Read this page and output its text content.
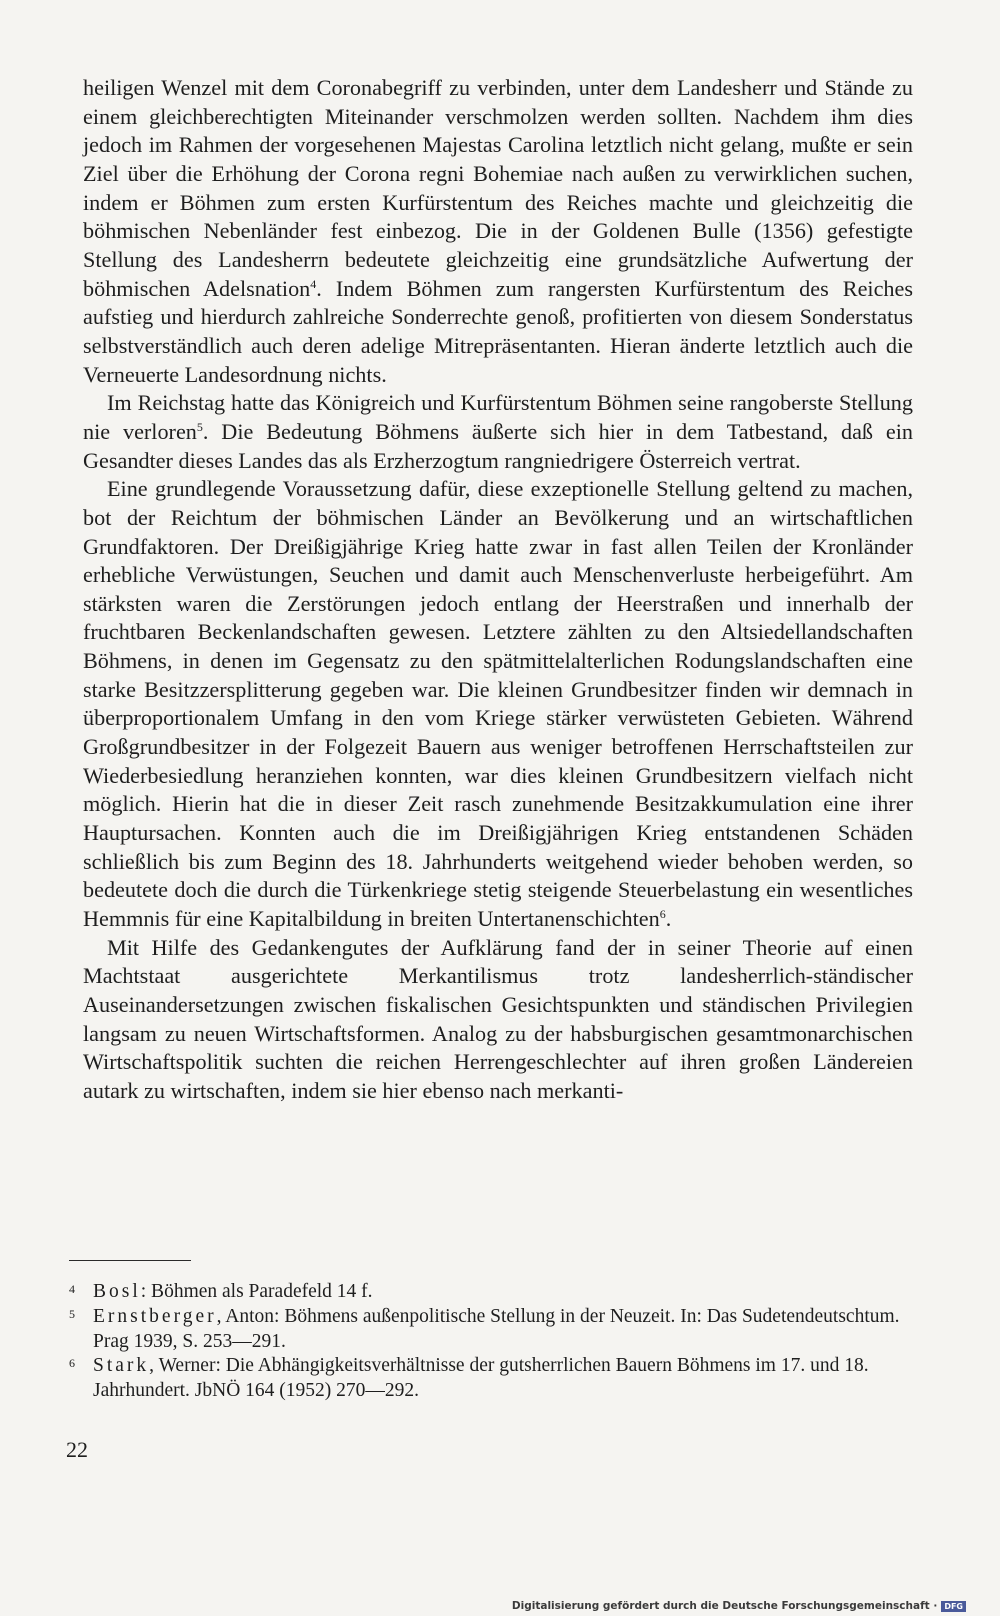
heiligen Wenzel mit dem Coronabegriff zu verbinden, unter dem Landesherr und Stände zu einem gleichberechtigten Miteinander verschmolzen werden sollten. Nachdem ihm dies jedoch im Rahmen der vorgesehenen Majestas Carolina letztlich nicht gelang, mußte er sein Ziel über die Erhöhung der Corona regni Bohemiae nach außen zu verwirklichen suchen, indem er Böhmen zum ersten Kurfürstentum des Reiches machte und gleichzeitig die böhmischen Nebenländer fest einbezog. Die in der Goldenen Bulle (1356) gefestigte Stellung des Landesherrn bedeutete gleichzeitig eine grundsätzliche Aufwertung der böhmischen Adelsnation$^4$. Indem Böhmen zum rangersten Kurfürstentum des Reiches aufstieg und hierdurch zahlreiche Sonderrechte genoß, profitierten von diesem Sonderstatus selbstverständlich auch deren adelige Mitrepräsentanten. Hieran änderte letztlich auch die Verneuerte Landesordnung nichts.

Im Reichstag hatte das Königreich und Kurfürstentum Böhmen seine rangoberste Stellung nie verloren$^5$. Die Bedeutung Böhmens äußerte sich hier in dem Tatbestand, daß ein Gesandter dieses Landes das als Erzherzogtum rangniedrigere Österreich vertrat.

Eine grundlegende Voraussetzung dafür, diese exzeptionelle Stellung geltend zu machen, bot der Reichtum der böhmischen Länder an Bevölkerung und an wirtschaftlichen Grundfaktoren. Der Dreißigjährige Krieg hatte zwar in fast allen Teilen der Kronländer erhebliche Verwüstungen, Seuchen und damit auch Menschenverluste herbeigeführt. Am stärksten waren die Zerstörungen jedoch entlang der Heerstraßen und innerhalb der fruchtbaren Beckenlandschaften gewesen. Letztere zählten zu den Altsiedellandschaften Böhmens, in denen im Gegensatz zu den spätmittelalterlichen Rodungslandschaften eine starke Besitzzersplitterung gegeben war. Die kleinen Grundbesitzer finden wir demnach in überproportionalem Umfang in den vom Kriege stärker verwüsteten Gebieten. Während Großgrundbesitzer in der Folgezeit Bauern aus weniger betroffenen Herrschaftsteilen zur Wiederbesiedlung heranziehen konnten, war dies kleinen Grundbesitzern vielfach nicht möglich. Hierin hat die in dieser Zeit rasch zunehmende Besitzakkumulation eine ihrer Hauptursachen. Konnten auch die im Dreißigjährigen Krieg entstandenen Schäden schließlich bis zum Beginn des 18. Jahrhunderts weitgehend wieder behoben werden, so bedeutete doch die durch die Türkenkriege stetig steigende Steuerbelastung ein wesentliches Hemmnis für eine Kapitalbildung in breiten Untertanenschichten$^6$.

Mit Hilfe des Gedankengutes der Aufklärung fand der in seiner Theorie auf einen Machtstaat ausgerichtete Merkantilismus trotz landesherrlich-ständischer Auseinandersetzungen zwischen fiskalischen Gesichtspunkten und ständischen Privilegien langsam zu neuen Wirtschaftsformen. Analog zu der habsburgischen gesamtmonarchischen Wirtschaftspolitik suchten die reichen Herrengeschlechter auf ihren großen Ländereien autark zu wirtschaften, indem sie hier ebenso nach merkanti-

4 Bosl: Böhmen als Paradefeld 14 f.
5 Ernstberger, Anton: Böhmens außenpolitische Stellung in der Neuzeit. In: Das Sudetendeutschtum. Prag 1939, S. 253—291.
6 Stark, Werner: Die Abhängigkeitsverhältnisse der gutsherrlichen Bauern Böhmens im 17. und 18. Jahrhundert. JbNÖ 164 (1952) 270—292.
22
Digitalisierung gefördert durch die Deutsche Forschungsgemeinschaft · DFG
